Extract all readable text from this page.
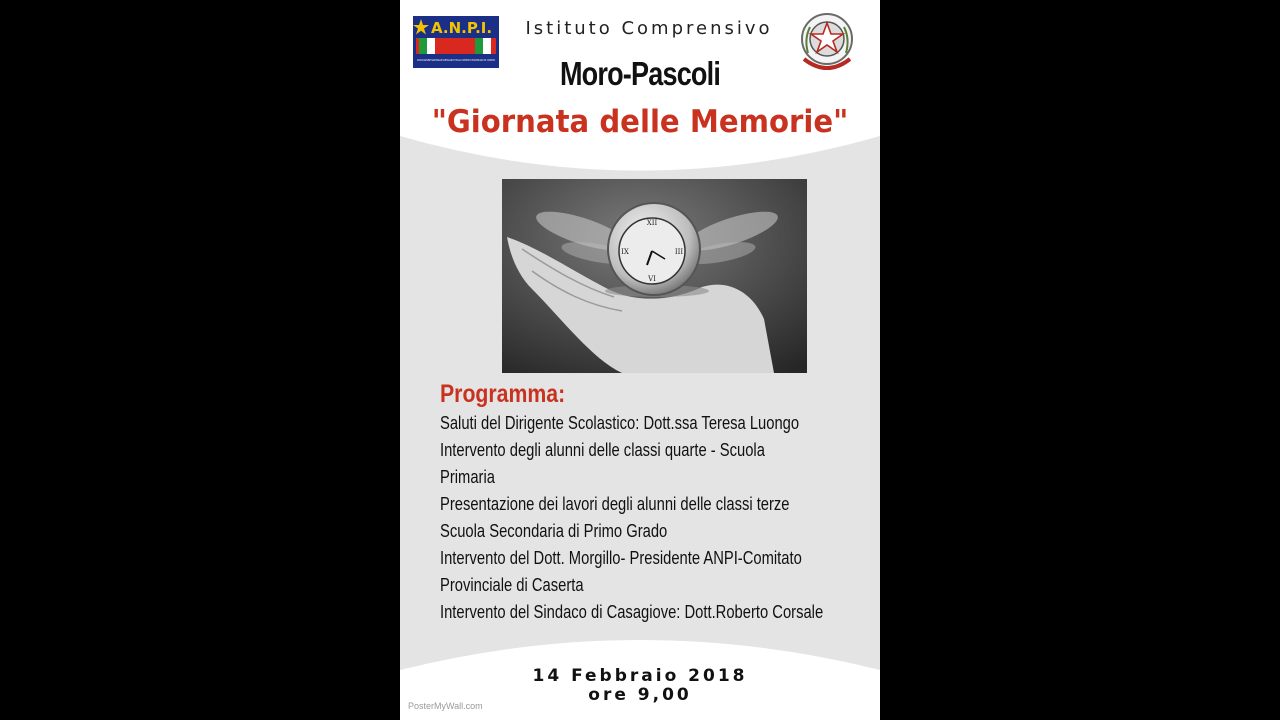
A.N.P.I.
ASSOCIAZIONE NAZIONALE PARTIGIANI D'ITALIA COMITATO PROVINCIALE DI CASERTA
Istituto Comprensivo
Moro-Pascoli
"Giornata delle Memorie"
XII
III
VI
IX
Programma:
Saluti del Dirigente Scolastico: Dott.ssa Teresa Luongo
Intervento degli alunni delle classi quarte - Scuola
Primaria
Presentazione dei lavori degli alunni delle classi terze
Scuola Secondaria di Primo Grado
Intervento del Dott. Morgillo- Presidente ANPI-Comitato
Provinciale di Caserta
Intervento del Sindaco di Casagiove: Dott.Roberto Corsale
14 Febbraio 2018
ore 9,00
PosterMyWall.com
